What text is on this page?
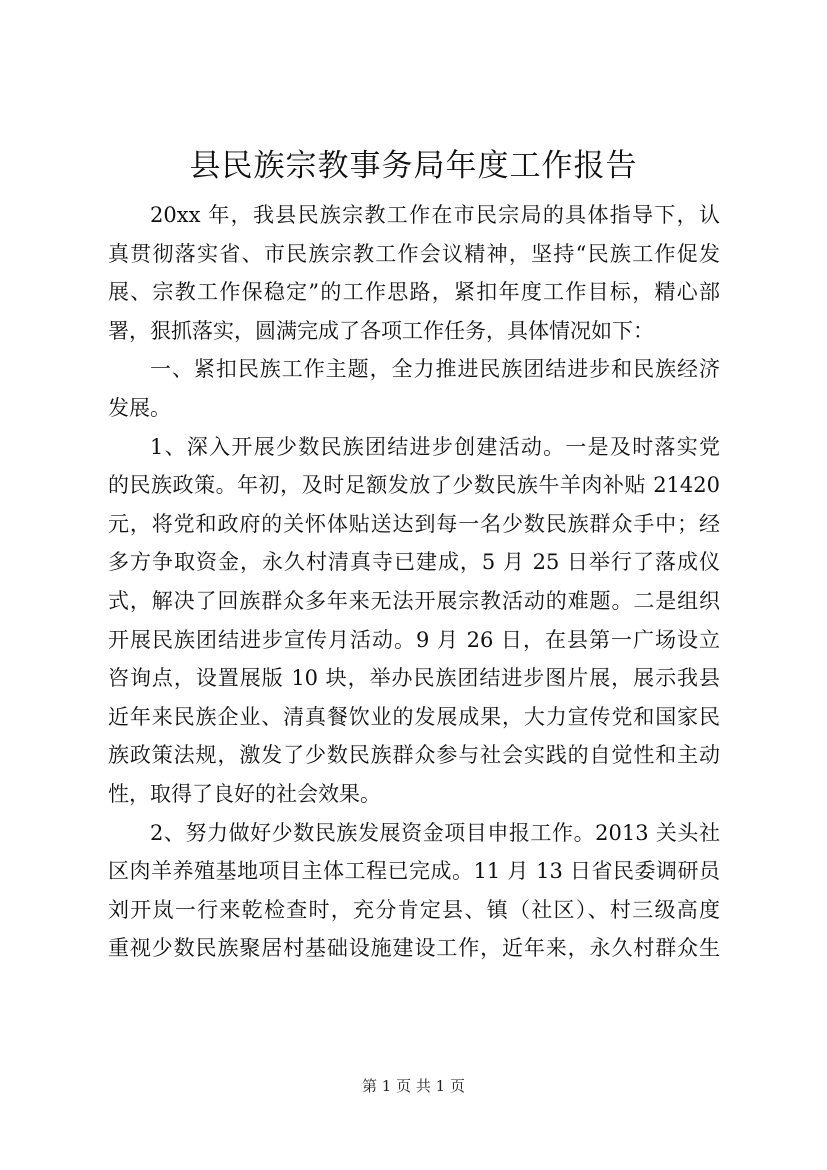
县民族宗教事务局年度工作报告
20xx 年，我县民族宗教工作在市民宗局的具体指导下，认
真贯彻落实省、市民族宗教工作会议精神，坚持“民族工作促发
展、宗教工作保稳定”的工作思路，紧扣年度工作目标，精心部
署，狠抓落实，圆满完成了各项工作任务，具体情况如下：
一、紧扣民族工作主题，全力推进民族团结进步和民族经济
发展。
1、深入开展少数民族团结进步创建活动。一是及时落实党
的民族政策。年初，及时足额发放了少数民族牛羊肉补贴 21420
元，将党和政府的关怀体贴送达到每一名少数民族群众手中；经
多方争取资金，永久村清真寺已建成，5 月 25 日举行了落成仪
式，解决了回族群众多年来无法开展宗教活动的难题。二是组织
开展民族团结进步宣传月活动。9 月 26 日，在县第一广场设立
咨询点，设置展版 10 块，举办民族团结进步图片展，展示我县
近年来民族企业、清真餐饮业的发展成果，大力宣传党和国家民
族政策法规，激发了少数民族群众参与社会实践的自觉性和主动
性，取得了良好的社会效果。
2、努力做好少数民族发展资金项目申报工作。2013 关头社
区肉羊养殖基地项目主体工程已完成。11 月 13 日省民委调研员
刘开岚一行来乾检查时，充分肯定县、镇（社区）、村三级高度
重视少数民族聚居村基础设施建设工作，近年来，永久村群众生
第 1 页 共 1 页
